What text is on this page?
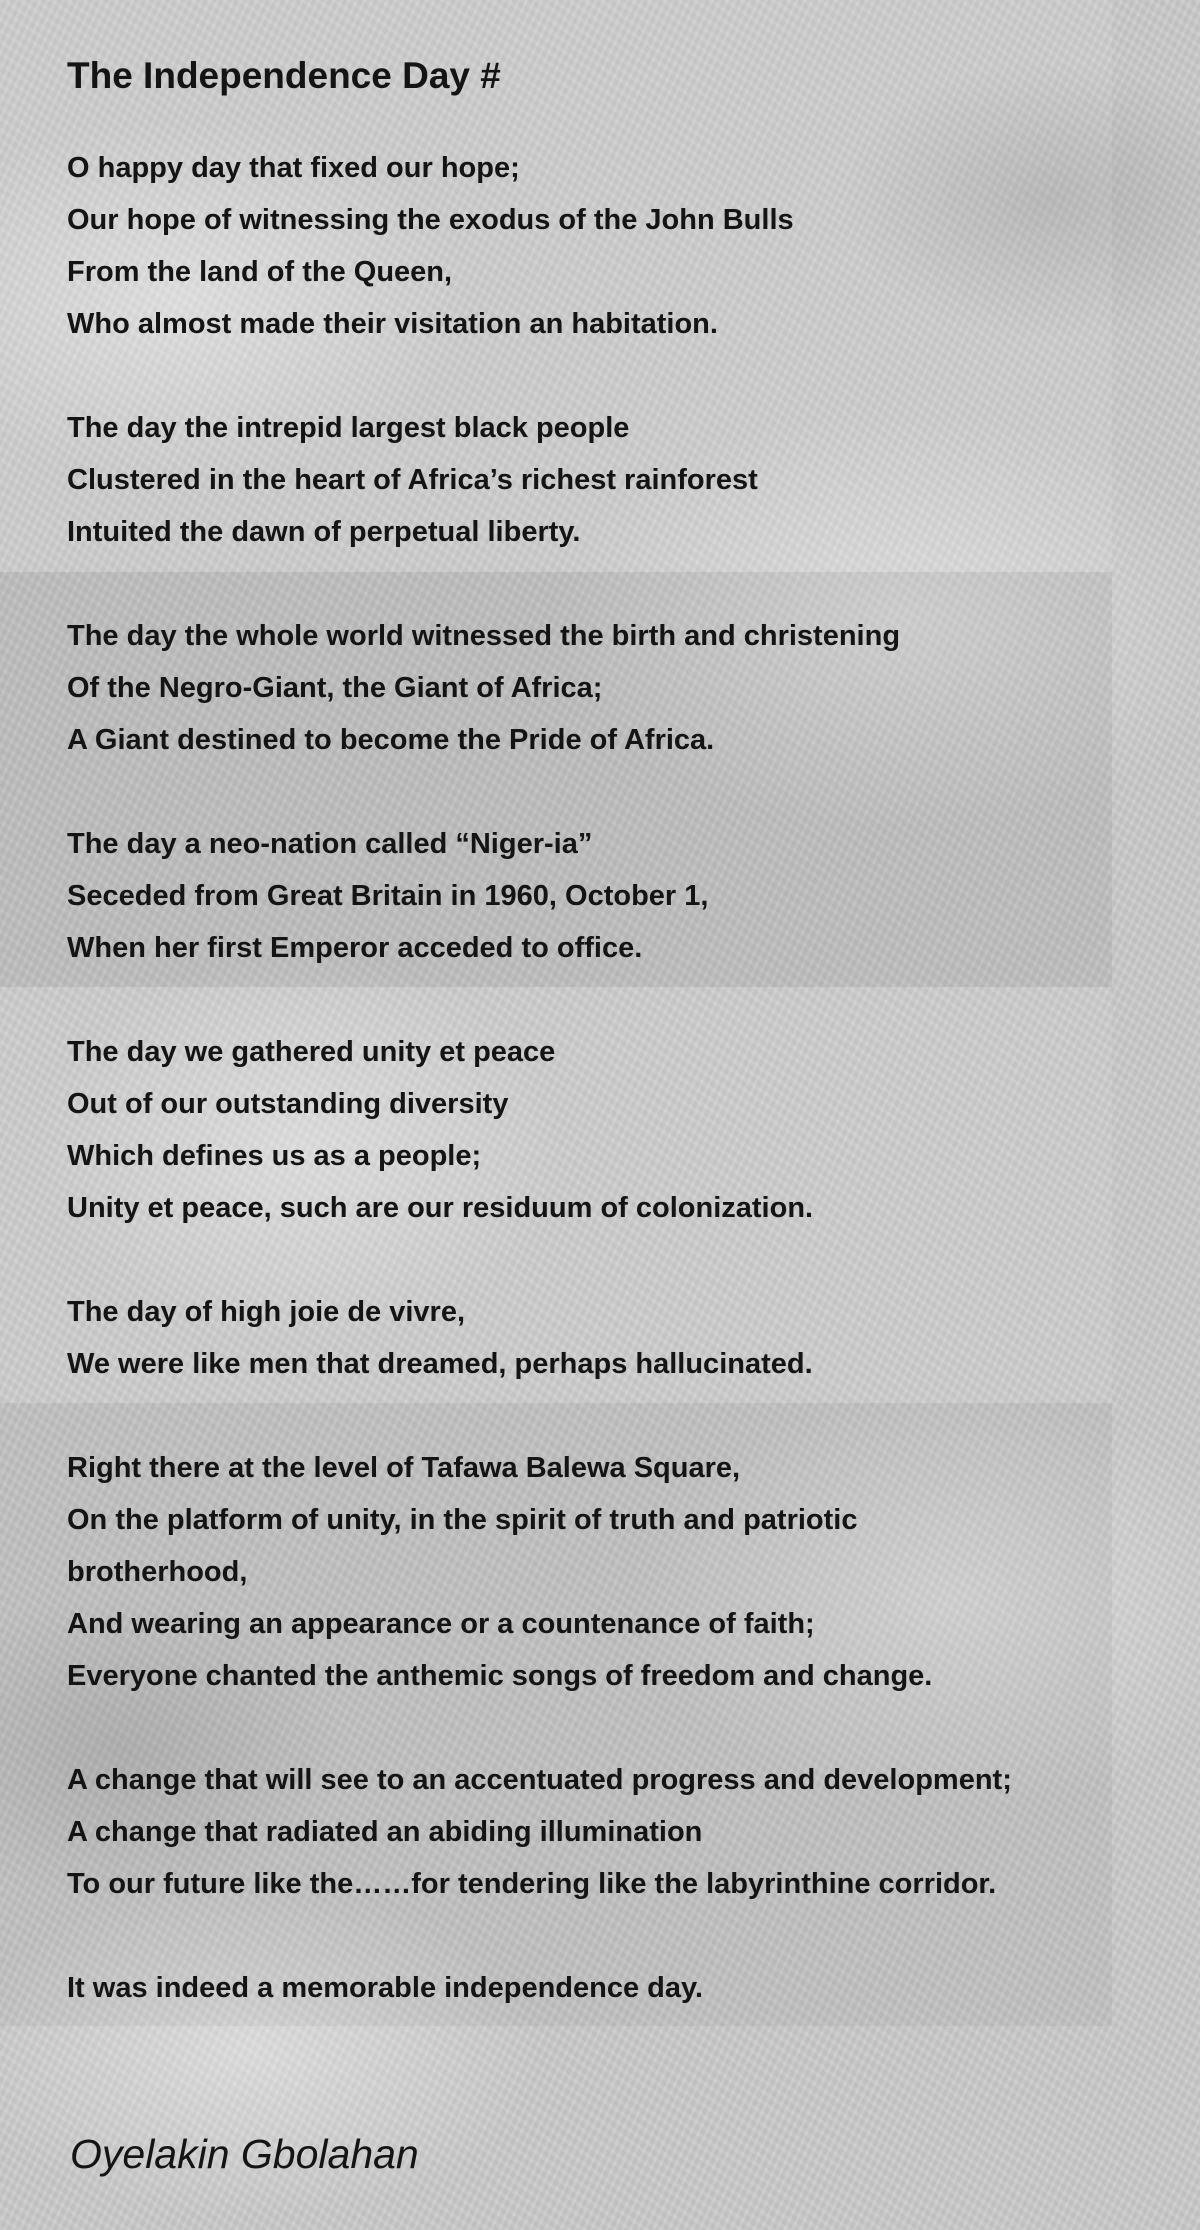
The Independence Day #
O happy day that fixed our hope;
Our hope of witnessing the exodus of the John Bulls
From the land of the Queen,
Who almost made their visitation an habitation.
The day the intrepid largest black people
Clustered in the heart of Africa’s richest rainforest
Intuited the dawn of perpetual liberty.
The day the whole world witnessed the birth and christening
Of the Negro-Giant, the Giant of Africa;
A Giant destined to become the Pride of Africa.
The day a neo-nation called “Niger-ia”
Seceded from Great Britain in 1960, October 1,
When her first Emperor acceded to office.
The day we gathered unity et peace
Out of our outstanding diversity
Which defines us as a people;
Unity et peace, such are our residuum of colonization.
The day of high joie de vivre,
We were like men that dreamed, perhaps hallucinated.
Right there at the level of Tafawa Balewa Square,
On the platform of unity, in the spirit of truth and patriotic
brotherhood,
And wearing an appearance or a countenance of faith;
Everyone chanted the anthemic songs of freedom and change.
A change that will see to an accentuated progress and development;
A change that radiated an abiding illumination
To our future like the……for tendering like the labyrinthine corridor.
It was indeed a memorable independence day.
Oyelakin Gbolahan
